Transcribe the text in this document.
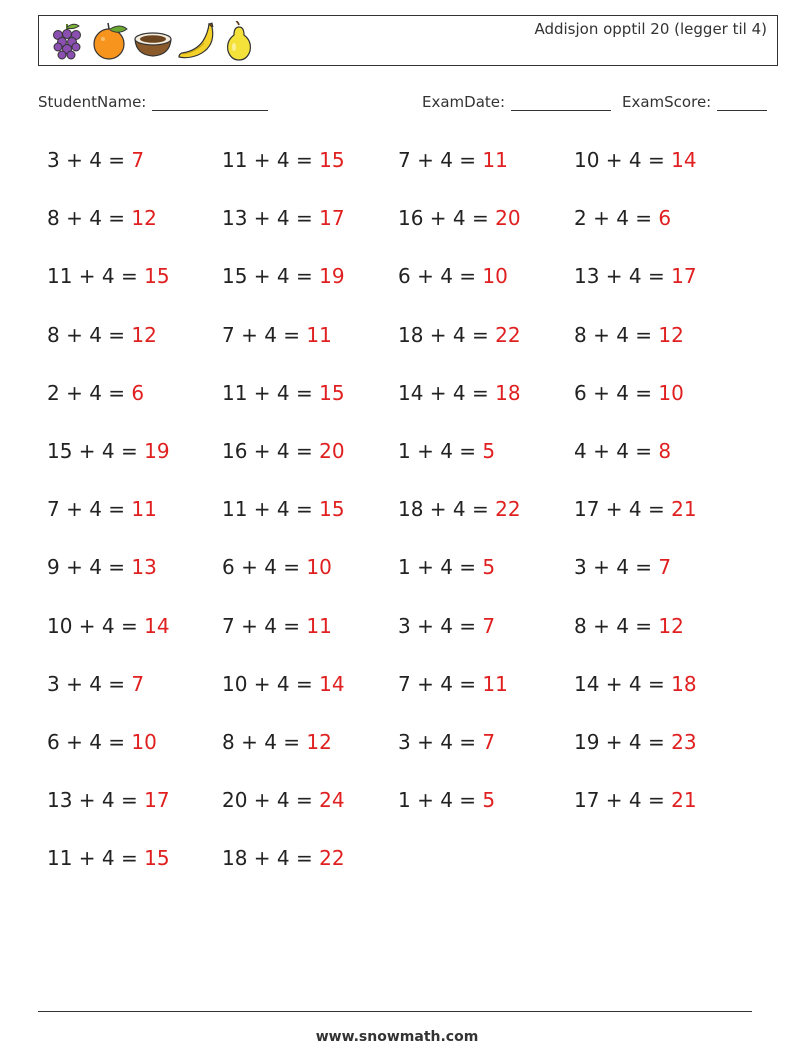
Addisjon opptil 20 (legger til 4)
StudentName:	ExamDate:	ExamScore:
3 + 4 = 7
8 + 4 = 12
11 + 4 = 15
8 + 4 = 12
2 + 4 = 6
15 + 4 = 19
7 + 4 = 11
9 + 4 = 13
10 + 4 = 14
3 + 4 = 7
6 + 4 = 10
13 + 4 = 17
11 + 4 = 15
11 + 4 = 15
13 + 4 = 17
15 + 4 = 19
7 + 4 = 11
11 + 4 = 15
16 + 4 = 20
11 + 4 = 15
6 + 4 = 10
7 + 4 = 11
10 + 4 = 14
8 + 4 = 12
20 + 4 = 24
18 + 4 = 22
7 + 4 = 11
16 + 4 = 20
6 + 4 = 10
18 + 4 = 22
14 + 4 = 18
1 + 4 = 5
18 + 4 = 22
1 + 4 = 5
3 + 4 = 7
7 + 4 = 11
3 + 4 = 7
1 + 4 = 5
10 + 4 = 14
2 + 4 = 6
13 + 4 = 17
8 + 4 = 12
6 + 4 = 10
4 + 4 = 8
17 + 4 = 21
3 + 4 = 7
8 + 4 = 12
14 + 4 = 18
19 + 4 = 23
17 + 4 = 21
www.snowmath.com
